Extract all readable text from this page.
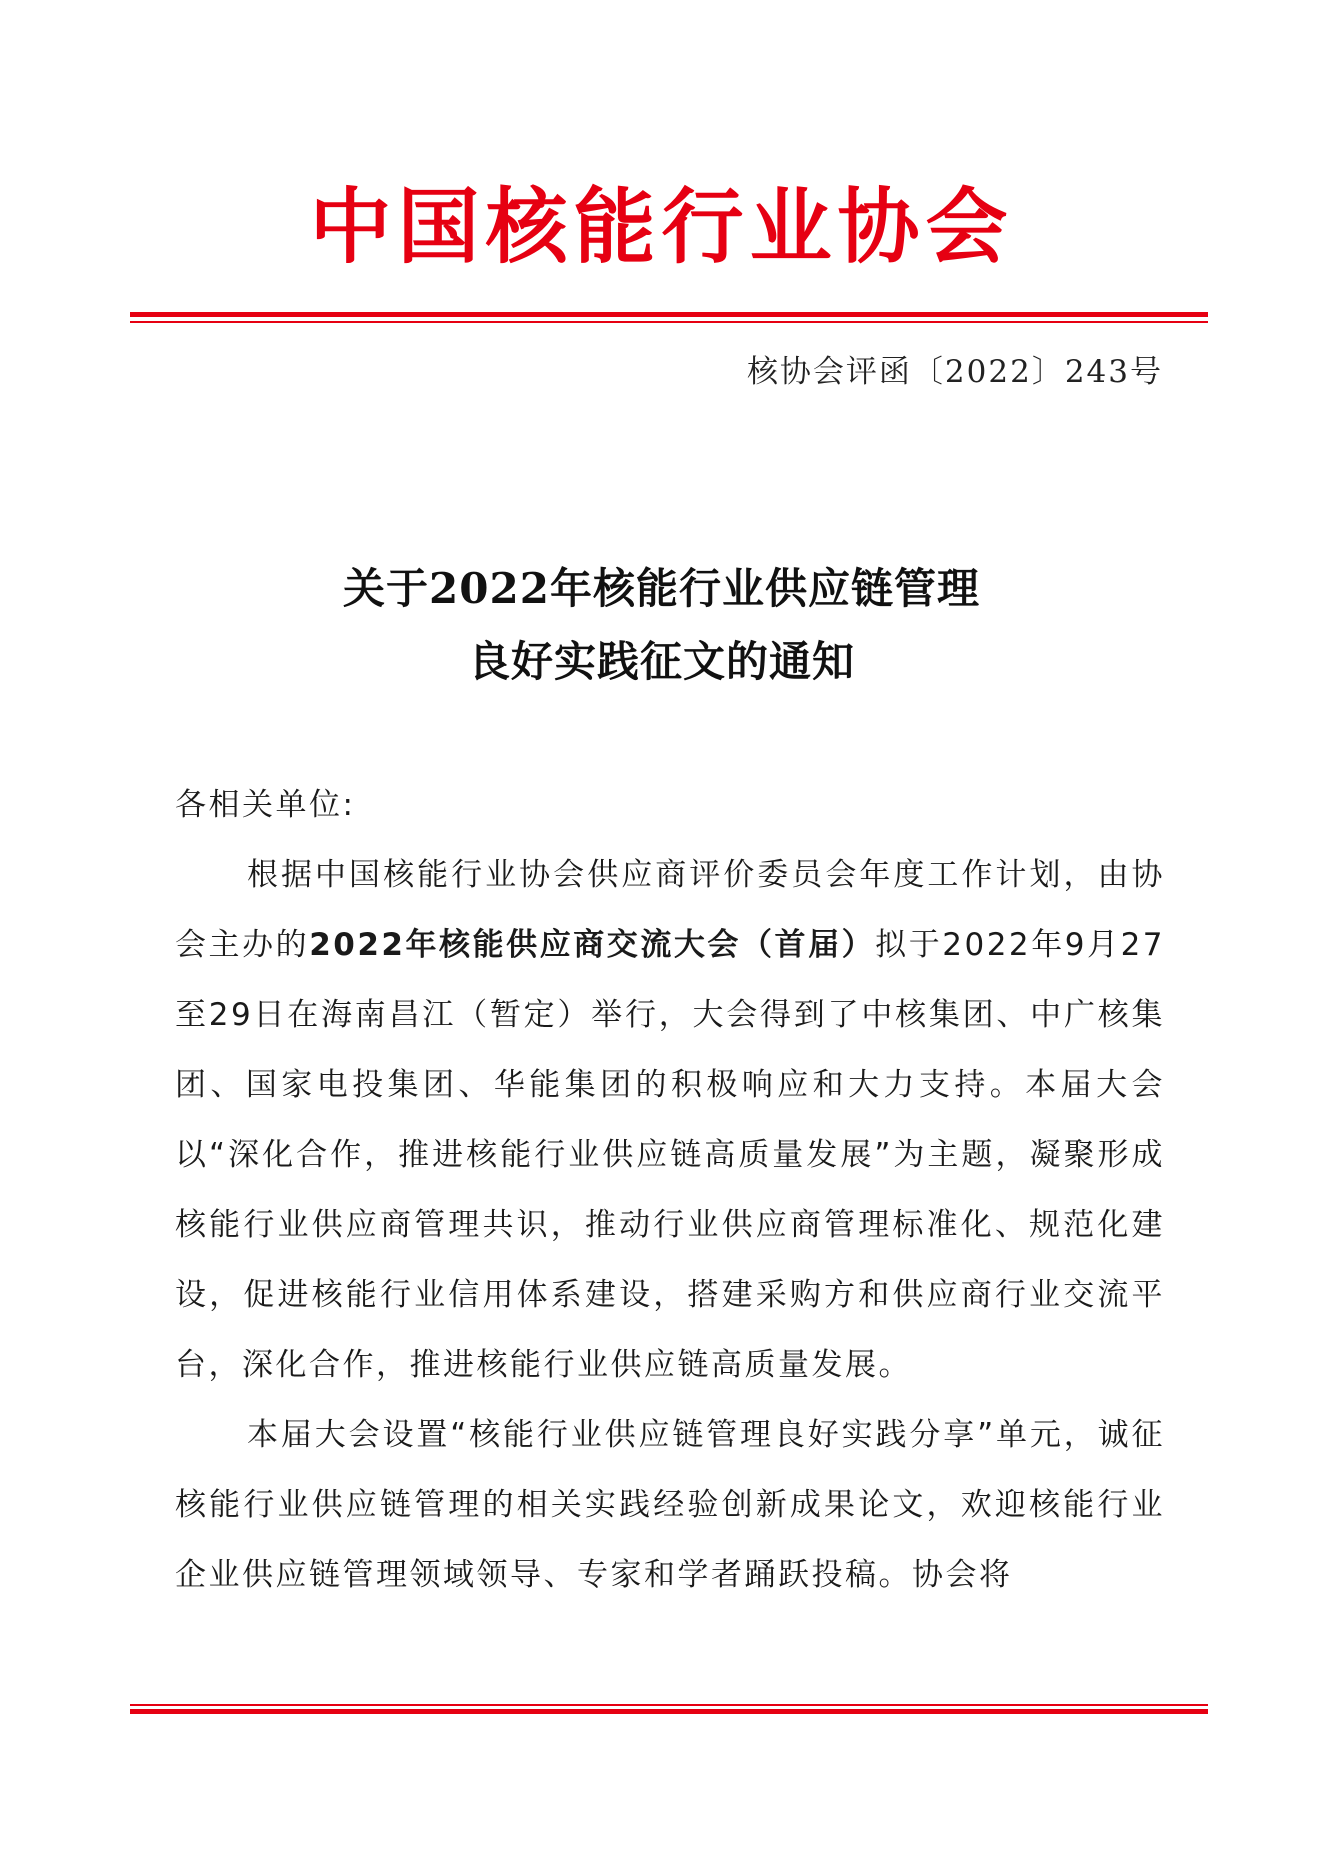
中国核能行业协会
核协会评函〔2022〕243号
关于2022年核能行业供应链管理
良好实践征文的通知

各相关单位:

根据中国核能行业协会供应商评价委员会年度工作计划，由协会主办的2022年核能供应商交流大会（首届）拟于2022年9月27至29日在海南昌江（暂定）举行，大会得到了中核集团、中广核集团、国家电投集团、华能集团的积极响应和大力支持。本届大会以“深化合作，推进核能行业供应链高质量发展”为主题，凝聚形成核能行业供应商管理共识，推动行业供应商管理标准化、规范化建设，促进核能行业信用体系建设，搭建采购方和供应商行业交流平台，深化合作，推进核能行业供应链高质量发展。

本届大会设置“核能行业供应链管理良好实践分享”单元，诚征核能行业供应链管理的相关实践经验创新成果论文，欢迎核能行业企业供应链管理领域领导、专家和学者踊跃投稿。协会将
